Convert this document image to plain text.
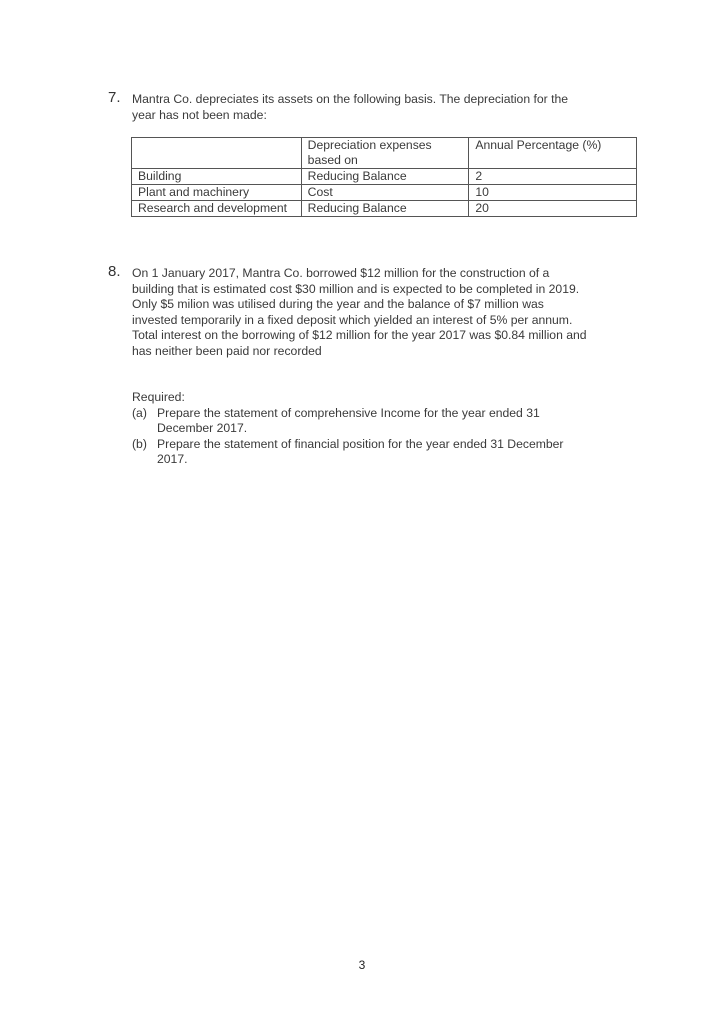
7. Mantra Co. depreciates its assets on the following basis. The depreciation for the
year has not been made:
	Depreciation expenses based on	Annual Percentage (%)
Building	Reducing Balance	2
Plant and machinery	Cost	10
Research and development	Reducing Balance	20
8. On 1 January 2017, Mantra Co. borrowed $12 million for the construction of a
building that is estimated cost $30 million and is expected to be completed in 2019.
Only $5 milion was utilised during the year and the balance of $7 million was
invested temporarily in a fixed deposit which yielded an interest of 5% per annum.
Total interest on the borrowing of $12 million for the year 2017 was $0.84 million and
has neither been paid nor recorded
Required:
(a) Prepare the statement of comprehensive Income for the year ended 31
December 2017.
(b) Prepare the statement of financial position for the year ended 31 December
2017.
3
